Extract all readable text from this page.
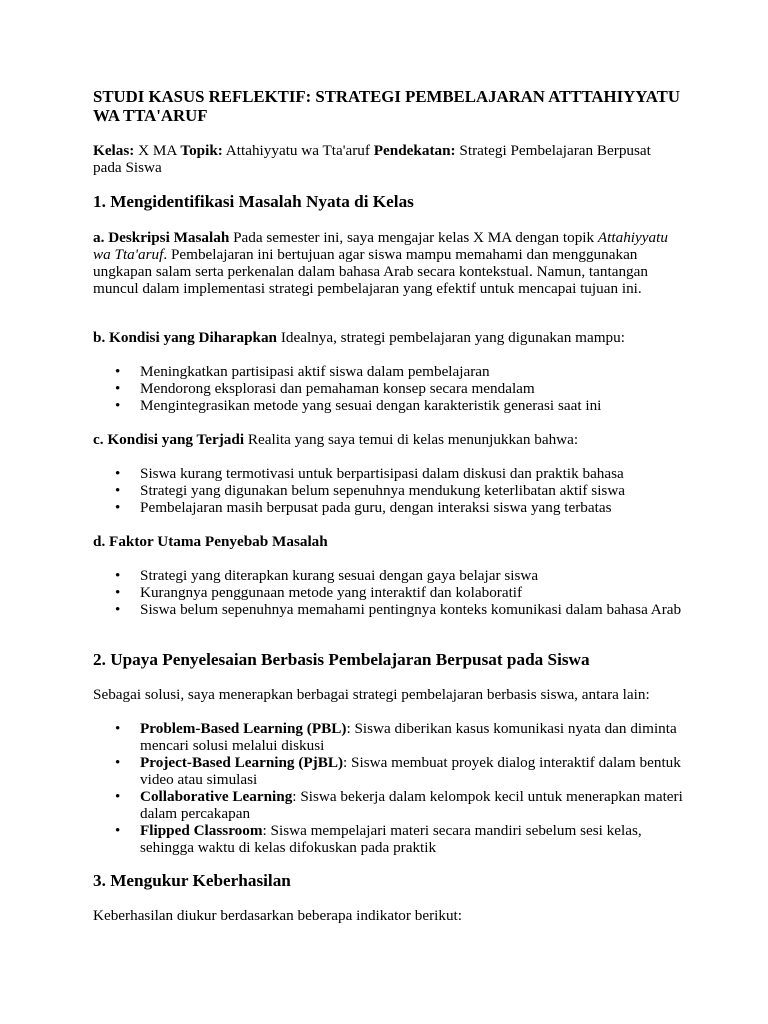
STUDI KASUS REFLEKTIF: STRATEGI PEMBELAJARAN ATTTAHIYYATU WA TTA'ARUF
Kelas: X MA Topik: Attahiyyatu wa Tta'aruf Pendekatan: Strategi Pembelajaran Berpusat pada Siswa
1. Mengidentifikasi Masalah Nyata di Kelas
a. Deskripsi Masalah Pada semester ini, saya mengajar kelas X MA dengan topik Attahiyyatu wa Tta'aruf. Pembelajaran ini bertujuan agar siswa mampu memahami dan menggunakan ungkapan salam serta perkenalan dalam bahasa Arab secara kontekstual. Namun, tantangan muncul dalam implementasi strategi pembelajaran yang efektif untuk mencapai tujuan ini.
b. Kondisi yang Diharapkan Idealnya, strategi pembelajaran yang digunakan mampu:
• Meningkatkan partisipasi aktif siswa dalam pembelajaran
• Mendorong eksplorasi dan pemahaman konsep secara mendalam
• Mengintegrasikan metode yang sesuai dengan karakteristik generasi saat ini
c. Kondisi yang Terjadi Realita yang saya temui di kelas menunjukkan bahwa:
• Siswa kurang termotivasi untuk berpartisipasi dalam diskusi dan praktik bahasa
• Strategi yang digunakan belum sepenuhnya mendukung keterlibatan aktif siswa
• Pembelajaran masih berpusat pada guru, dengan interaksi siswa yang terbatas
d. Faktor Utama Penyebab Masalah
• Strategi yang diterapkan kurang sesuai dengan gaya belajar siswa
• Kurangnya penggunaan metode yang interaktif dan kolaboratif
• Siswa belum sepenuhnya memahami pentingnya konteks komunikasi dalam bahasa Arab
2. Upaya Penyelesaian Berbasis Pembelajaran Berpusat pada Siswa
Sebagai solusi, saya menerapkan berbagai strategi pembelajaran berbasis siswa, antara lain:
• Problem-Based Learning (PBL): Siswa diberikan kasus komunikasi nyata dan diminta mencari solusi melalui diskusi
• Project-Based Learning (PjBL): Siswa membuat proyek dialog interaktif dalam bentuk video atau simulasi
• Collaborative Learning: Siswa bekerja dalam kelompok kecil untuk menerapkan materi dalam percakapan
• Flipped Classroom: Siswa mempelajari materi secara mandiri sebelum sesi kelas, sehingga waktu di kelas difokuskan pada praktik
3. Mengukur Keberhasilan
Keberhasilan diukur berdasarkan beberapa indikator berikut:
